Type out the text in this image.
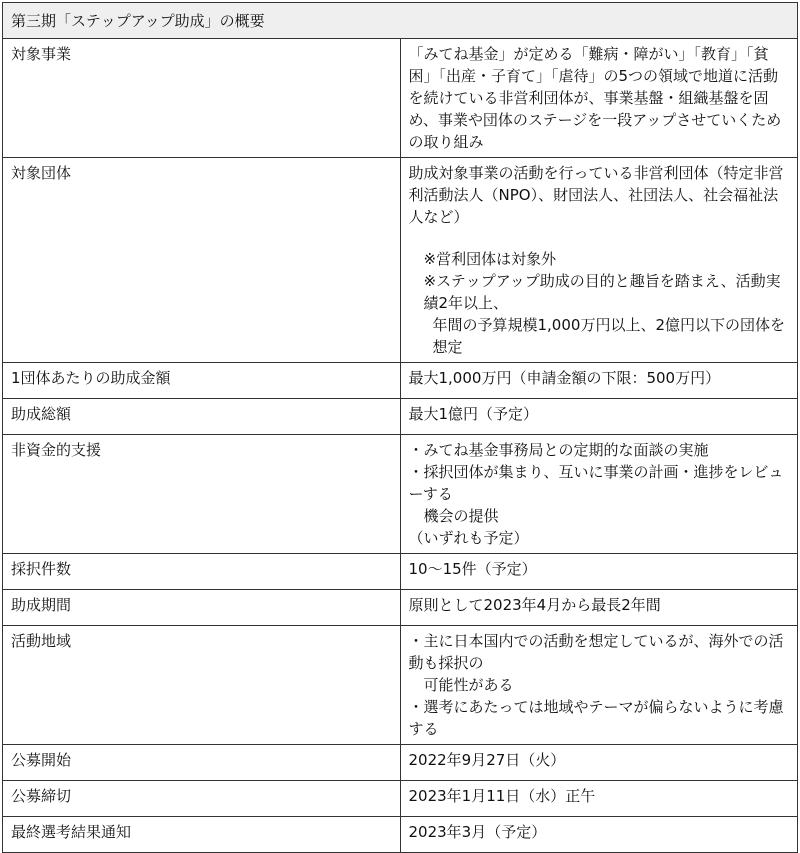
第三期「ステップアップ助成」の概要	
対象事業	「みてね基金」が定める「難病・障がい」「教育」「貧困」「出産・子育て」「虐待」の5つの領域で地道に活動を続けている非営利団体が、事業基盤・組織基盤を固め、事業や団体のステージを一段アップさせていくための取り組み
対象団体	助成対象事業の活動を行っている非営利団体（特定非営利活動法人（NPO）、財団法人、社団法人、社会福祉法人など）
※営利団体は対象外
※ステップアップ助成の目的と趣旨を踏まえ、活動実績2年以上、
年間の予算規模1,000万円以上、2億円以下の団体を想定

1団体あたりの助成金額	最大1,000万円（申請金額の下限：500万円）
助成総額	最大1億円（予定）
非資金的支援	・みてね基金事務局との定期的な面談の実施
・採択団体が集まり、互いに事業の計画・進捗をレビューする
機会の提供
（いずれも予定）

採択件数	10〜15件（予定）
助成期間	原則として2023年4月から最長2年間
活動地域	・主に日本国内での活動を想定しているが、海外での活動も採択の
可能性がある
・選考にあたっては地域やテーマが偏らないように考慮する

公募開始	2022年9月27日（火）
公募締切	2023年1月11日（水）正午
最終選考結果通知	2023年3月（予定）
